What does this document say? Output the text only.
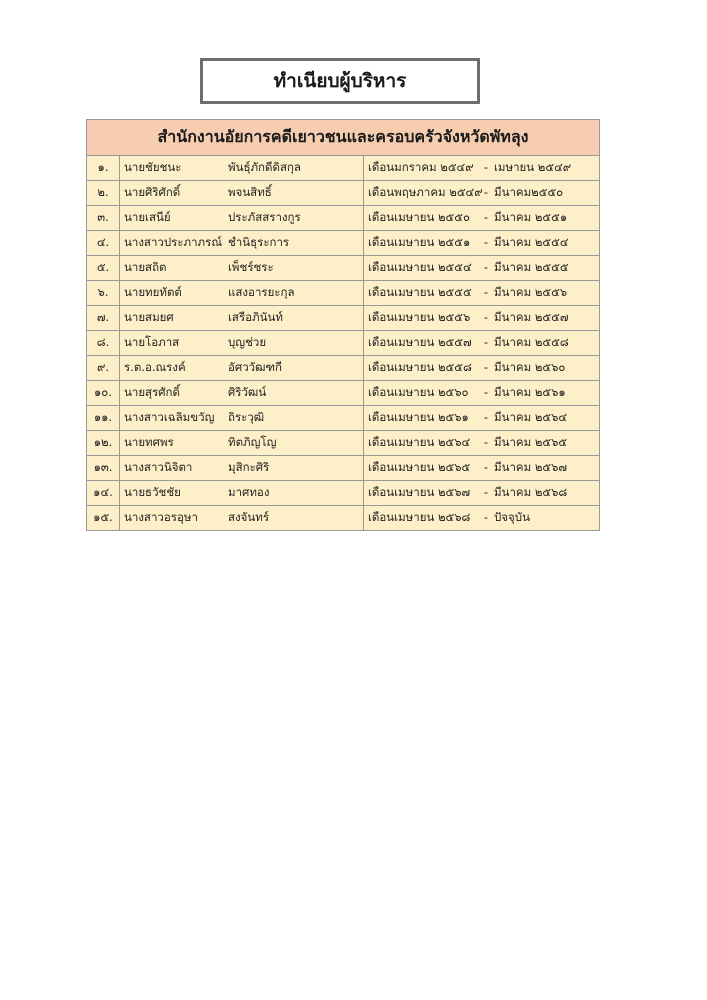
ทำเนียบผู้บริหาร
สำนักงานอัยการคดีเยาวชนและครอบครัวจังหวัดพัทลุง		
๑.	นายชัยชนะ พันธุ์ภักดีดิสกุล	เดือนมกราคม ๒๕๔๙ - เมษายน ๒๕๔๙
๒.	นายศิริศักดิ์ พจนสิทธิ์	เดือนพฤษภาคม ๒๕๔๙- มีนาคม๒๕๕๐
๓.	นายเสนีย์ ประภัสสรางกูร	เดือนเมษายน ๒๕๕๐ - มีนาคม ๒๕๕๑
๔.	นางสาวประภาภรณ์ ชำนิธุระการ	เดือนเมษายน ๒๕๕๑ - มีนาคม ๒๕๕๔
๕.	นายสถิต เพ็ชร์ชระ	เดือนเมษายน ๒๕๕๔ - มีนาคม ๒๕๕๕
๖.	นายทยทัตต์ แสงอารยะกุล	เดือนเมษายน ๒๕๕๕ - มีนาคม ๒๕๕๖
๗.	นายสมยศ เสรีอภินันท์	เดือนเมษายน ๒๕๕๖ - มีนาคม ๒๕๕๗
๘.	นายโอภาส บุญช่วย	เดือนเมษายน ๒๕๕๗ - มีนาคม ๒๕๕๘
๙.	ร.ต.อ.ณรงค์ อัศววัฒฑกี	เดือนเมษายน ๒๕๕๘ - มีนาคม ๒๕๖๐
๑๐.	นายสุรศักดิ์ ศิริวัฒน์	เดือนเมษายน ๒๕๖๐ - มีนาคม ๒๕๖๑
๑๑.	นางสาวเฉลิมขวัญ ถิระวุฒิ	เดือนเมษายน ๒๕๖๑ - มีนาคม ๒๕๖๔
๑๒.	นายทศพร ทิตภิญโญ	เดือนเมษายน ๒๕๖๔ - มีนาคม ๒๕๖๕
๑๓.	นางสาวนิจิตา มุสิกะศิริ	เดือนเมษายน ๒๕๖๕ - มีนาคม ๒๕๖๗
๑๔.	นายธวัชชัย มาศทอง	เดือนเมษายน ๒๕๖๗ - มีนาคม ๒๕๖๘
๑๕.	นางสาวอรอุษา สงจันทร์	เดือนเมษายน ๒๕๖๘ - ปัจจุบัน
